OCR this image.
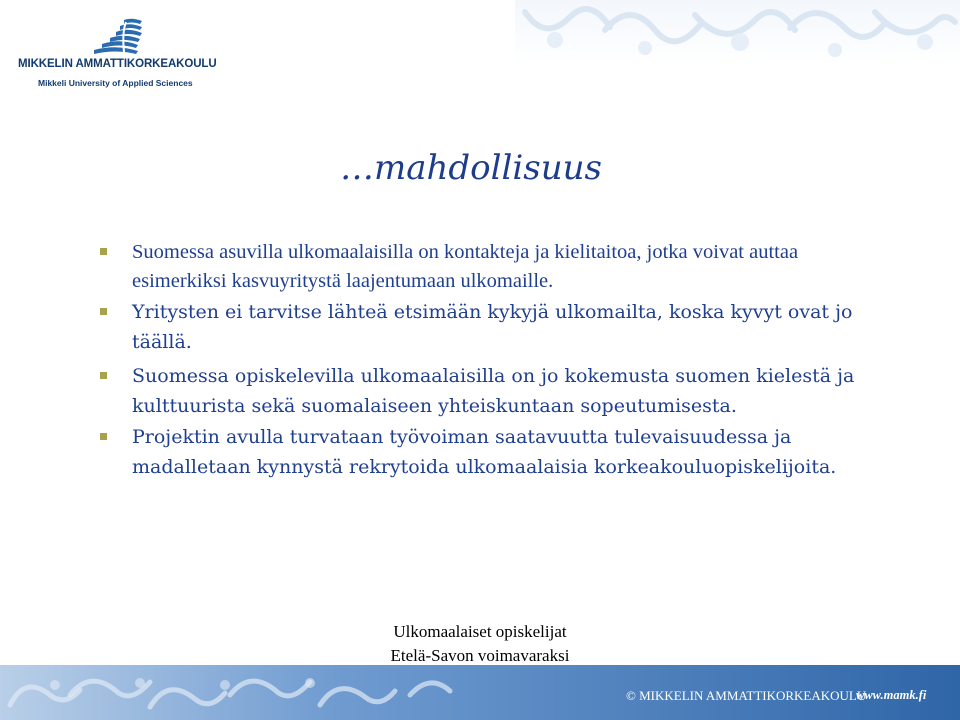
MIKKELIN AMMATTIKORKEAKOULU
Mikkeli University of Applied Sciences
…mahdollisuus
Suomessa asuvilla ulkomaalaisilla on kontakteja ja kielitaitoa, jotka voivat auttaa esimerkiksi kasvuyritystä laajentumaan ulkomaille.
Yritysten ei tarvitse lähteä etsimään kykyjä ulkomailta, koska kyvyt ovat jo täällä.
Suomessa opiskelevilla ulkomaalaisilla on jo kokemusta suomen kielestä ja kulttuurista sekä suomalaiseen yhteiskuntaan sopeutumisesta.
Projektin avulla turvataan työvoiman saatavuutta tulevaisuudessa ja madalletaan kynnystä rekrytoida ulkomaalaisia korkeakouluopiskelijoita.
Ulkomaalaiset opiskelijat
Etelä-Savon voimavaraksi
© MIKKELIN AMMATTIKORKEAKOULU
www.mamk.fi
